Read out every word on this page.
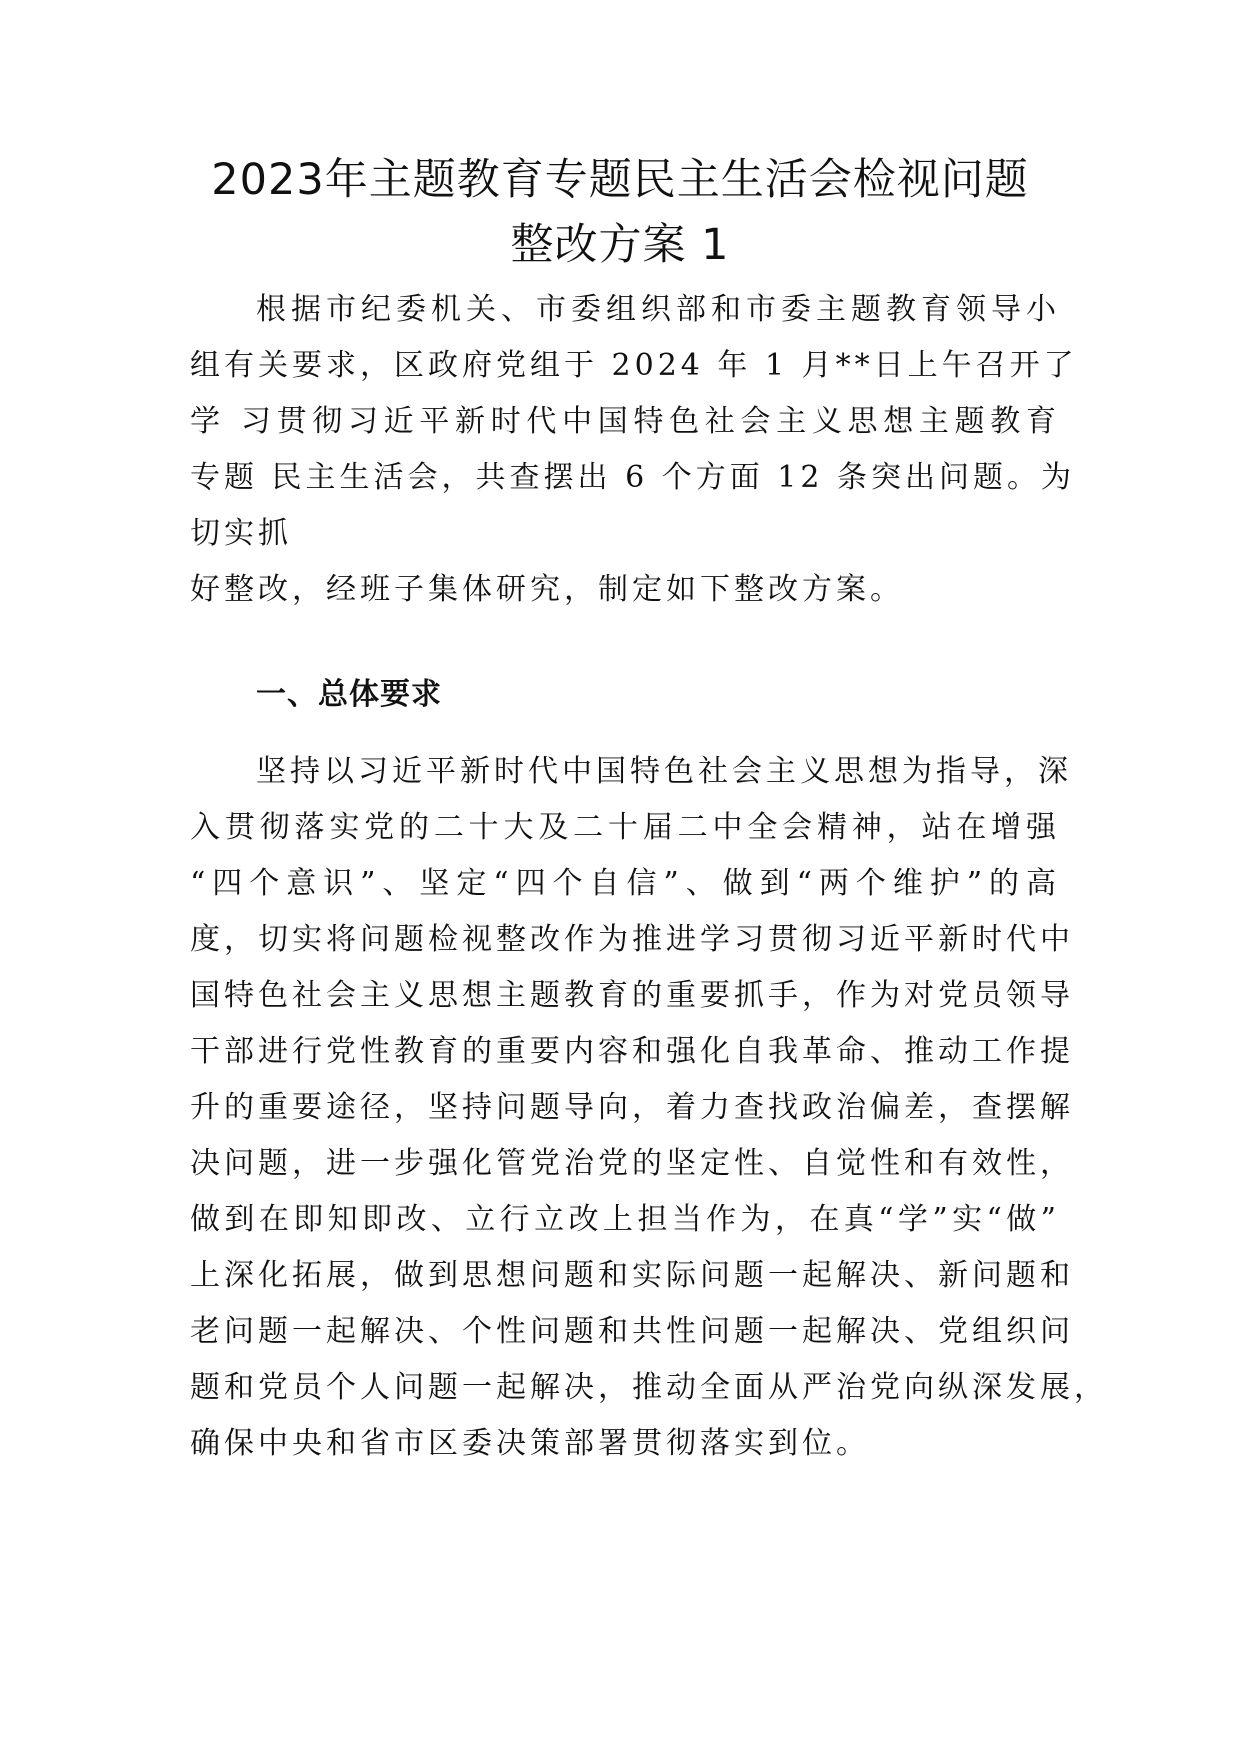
2023年主题教育专题民主生活会检视问题
整改方案 1
根据市纪委机关、市委组织部和市委主题教育领导小
组有关要求，区政府党组于 2024 年 1 月**日上午召开了
学 习贯彻习近平新时代中国特色社会主义思想主题教育
专题 民主生活会，共查摆出 6 个方面 12 条突出问题。为
切实抓
好整改，经班子集体研究，制定如下整改方案。
一、总体要求
坚持以习近平新时代中国特色社会主义思想为指导，深
入贯彻落实党的二十大及二十届二中全会精神，站在增强
“四个意识”、坚定“四个自信”、做到“两个维护”的高
度，切实将问题检视整改作为推进学习贯彻习近平新时代中
国特色社会主义思想主题教育的重要抓手，作为对党员领导
干部进行党性教育的重要内容和强化自我革命、推动工作提
升的重要途径，坚持问题导向，着力查找政治偏差，查摆解
决问题，进一步强化管党治党的坚定性、自觉性和有效性，
做到在即知即改、立行立改上担当作为，在真“学”实“做”
上深化拓展，做到思想问题和实际问题一起解决、新问题和
老问题一起解决、个性问题和共性问题一起解决、党组织问
题和党员个人问题一起解决，推动全面从严治党向纵深发展，
确保中央和省市区委决策部署贯彻落实到位。
